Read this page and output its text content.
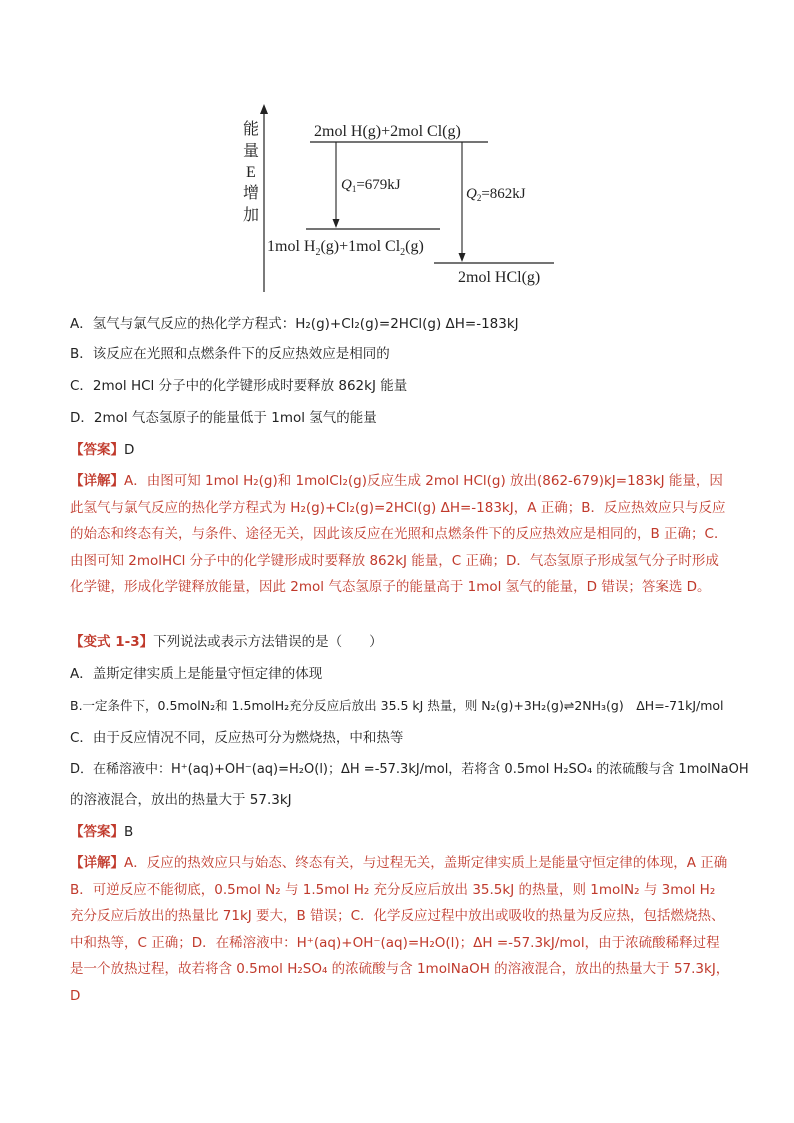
能
量
E
增
加
2mol H(g)+2mol Cl(g)
$Q_1=679kJ$
$Q_2=862kJ$
1mol $H_2(g)+1mol$ $Cl_2(g)$
2mol HCl(g)
A．氢气与氯气反应的热化学方程式：H₂(g)+Cl₂(g)=2HCl(g) ΔH=-183kJ
B．该反应在光照和点燃条件下的反应热效应是相同的
C．2mol HCl 分子中的化学键形成时要释放 862kJ 能量
D．2mol 气态氢原子的能量低于 1mol 氢气的能量
【答案】D
【详解】A．由图可知 1mol H₂(g)和 1molCl₂(g)反应生成 2mol HCl(g) 放出(862-679)kJ=183kJ 能量，因此氢气与氯气反应的热化学方程式为 H₂(g)+Cl₂(g)=2HCl(g) ΔH=-183kJ，A 正确；B．反应热效应只与反应的始态和终态有关，与条件、途径无关，因此该反应在光照和点燃条件下的反应热效应是相同的，B 正确；C．由图可知 2molHCl 分子中的化学键形成时要释放 862kJ 能量，C 正确；D．气态氢原子形成氢气分子时形成化学键，形成化学键释放能量，因此 2mol 气态氢原子的能量高于 1mol 氢气的能量，D 错误；答案选 D。
【变式 1-3】下列说法或表示方法错误的是（　　）
A．盖斯定律实质上是能量守恒定律的体现
B.一定条件下，0.5molN₂和 1.5molH₂充分反应后放出 35.5 kJ 热量，则 N₂(g)+3H₂(g)⇌2NH₃(g)　ΔH=-71kJ/mol
C．由于反应情况不同，反应热可分为燃烧热，中和热等
D．在稀溶液中：H⁺(aq)+OH⁻(aq)=H₂O(l)；ΔH =-57.3kJ/mol，若将含 0.5mol H₂SO₄ 的浓硫酸与含 1molNaOH
的溶液混合，放出的热量大于 57.3kJ
【答案】B
【详解】A．反应的热效应只与始态、终态有关，与过程无关，盖斯定律实质上是能量守恒定律的体现，A 正确 B．可逆反应不能彻底，0.5mol N₂ 与 1.5mol H₂ 充分反应后放出 35.5kJ 的热量，则 1molN₂ 与 3mol H₂ 充分反应后放出的热量比 71kJ 要大，B 错误；C．化学反应过程中放出或吸收的热量为反应热，包括燃烧热、中和热等，C 正确；D．在稀溶液中：H⁺(aq)+OH⁻(aq)=H₂O(l)；ΔH =-57.3kJ/mol，由于浓硫酸稀释过程是一个放热过程，故若将含 0.5mol H₂SO₄ 的浓硫酸与含 1molNaOH 的溶液混合，放出的热量大于 57.3kJ，D
